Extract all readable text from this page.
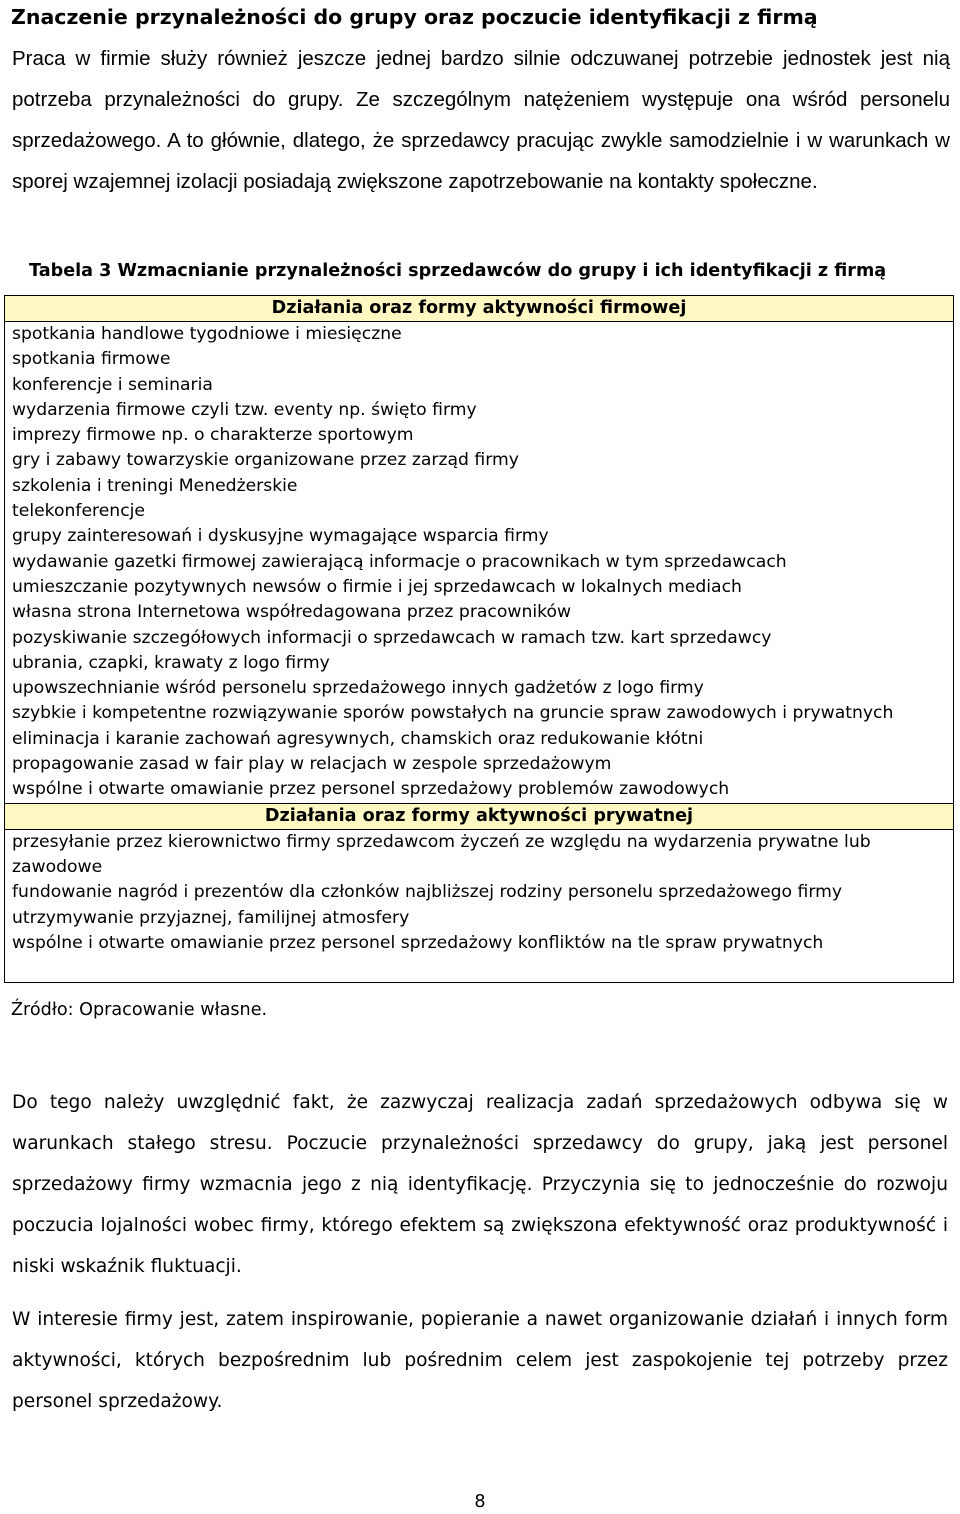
Znaczenie przynależności do grupy oraz poczucie identyfikacji z firmą
Praca w firmie służy również jeszcze jednej bardzo silnie odczuwanej potrzebie jednostek jest nią potrzeba przynależności do grupy. Ze szczególnym natężeniem występuje ona wśród personelu sprzedażowego. A to głównie, dlatego, że sprzedawcy pracując zwykle samodzielnie i w warunkach w sporej wzajemnej izolacji posiadają zwiększone zapotrzebowanie na kontakty społeczne.
Tabela 3 Wzmacnianie przynależności sprzedawców do grupy i ich identyfikacji z firmą
Działania oraz formy aktywności firmowej
spotkania handlowe tygodniowe i miesięczne
spotkania firmowe
konferencje i seminaria
wydarzenia firmowe czyli tzw. eventy np. święto firmy
imprezy firmowe np. o charakterze sportowym
gry i zabawy towarzyskie organizowane przez zarząd firmy
szkolenia i treningi Menedżerskie
telekonferencje
grupy zainteresowań i dyskusyjne wymagające wsparcia firmy
wydawanie gazetki firmowej zawierającą informacje o pracownikach w tym sprzedawcach
umieszczanie pozytywnych newsów o firmie i jej sprzedawcach w lokalnych mediach
własna strona Internetowa współredagowana przez pracowników
pozyskiwanie szczegółowych informacji o sprzedawcach w ramach tzw. kart sprzedawcy
ubrania, czapki, krawaty z logo firmy
upowszechnianie wśród personelu sprzedażowego innych gadżetów z logo firmy
szybkie i kompetentne rozwiązywanie sporów powstałych na gruncie spraw zawodowych i prywatnych
eliminacja i karanie zachowań agresywnych, chamskich oraz redukowanie kłótni
propagowanie zasad w fair play w relacjach w zespole sprzedażowym
wspólne i otwarte omawianie przez personel sprzedażowy problemów zawodowych
Działania oraz formy aktywności prywatnej
przesyłanie przez kierownictwo firmy sprzedawcom życzeń ze względu na wydarzenia prywatne lub zawodowe
fundowanie nagród i prezentów dla członków najbliższej rodziny personelu sprzedażowego firmy
utrzymywanie przyjaznej, familijnej atmosfery
wspólne i otwarte omawianie przez personel sprzedażowy konfliktów na tle spraw prywatnych
Źródło: Opracowanie własne.
Do tego należy uwzględnić fakt, że zazwyczaj realizacja zadań sprzedażowych odbywa się w warunkach stałego stresu. Poczucie przynależności sprzedawcy do grupy, jaką jest personel sprzedażowy firmy wzmacnia jego z nią identyfikację. Przyczynia się to jednocześnie do rozwoju poczucia lojalności wobec firmy, którego efektem są zwiększona efektywność oraz produktywność i niski wskaźnik fluktuacji.
W interesie firmy jest, zatem inspirowanie, popieranie a nawet organizowanie działań i innych form aktywności, których bezpośrednim lub pośrednim celem jest zaspokojenie tej potrzeby przez personel sprzedażowy.
8
